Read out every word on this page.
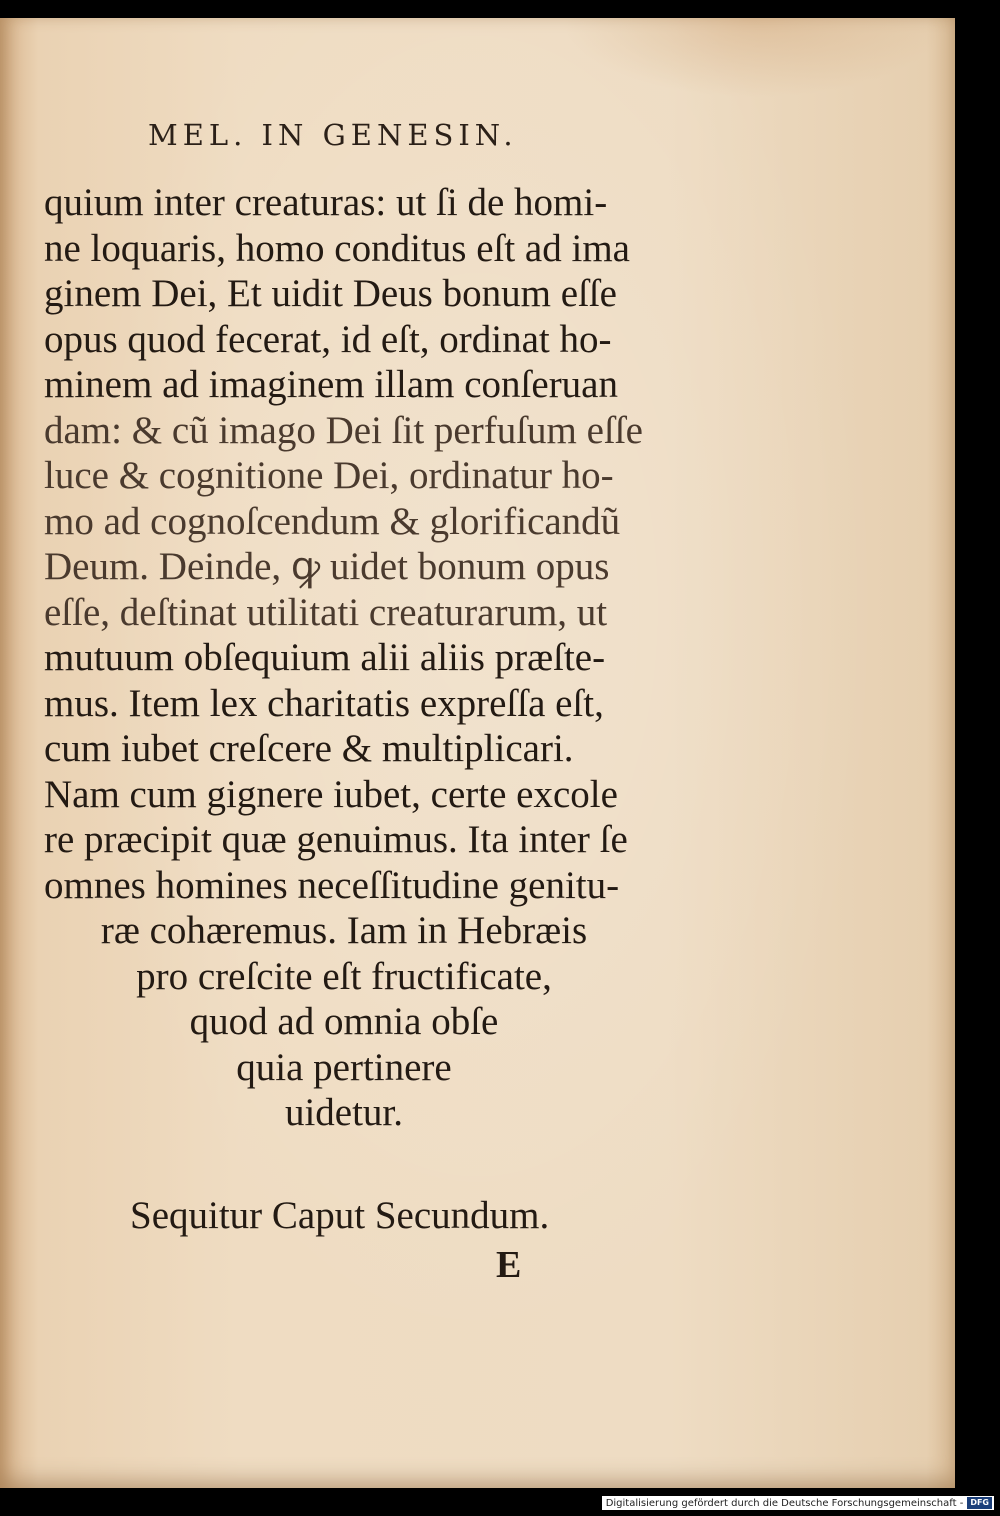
MEL. IN GENESIN.
quium inter creaturas: ut ſi de homi-
ne loquaris, homo conditus eſt ad ima
ginem Dei, Et uidit Deus bonum eſſe
opus quod fecerat, id eſt, ordinat ho-
minem ad imaginem illam conſeruan
dam: & cũ imago Dei ſit perfuſum eſſe
luce & cognitione Dei, ordinatur ho-
mo ad cognoſcendum & glorificandũ
Deum. Deinde, ꝙ uidet bonum opus
eſſe, deſtinat utilitati creaturarum, ut
mutuum obſequium alii aliis præſte-
mus. Item lex charitatis expreſſa eſt,
cum iubet creſcere & multiplicari.
Nam cum gignere iubet, certe excole
re præcipit quæ genuimus. Ita inter ſe
omnes homines neceſſitudine genitu-
ræ cohæremus. Iam in Hebræis
pro creſcite eſt fructificate,
quod ad omnia obſe
quia pertinere
uidetur.
Sequitur Caput Secundum.
E
Digitalisierung gefördert durch die Deutsche Forschungsgemeinschaft - DFG
